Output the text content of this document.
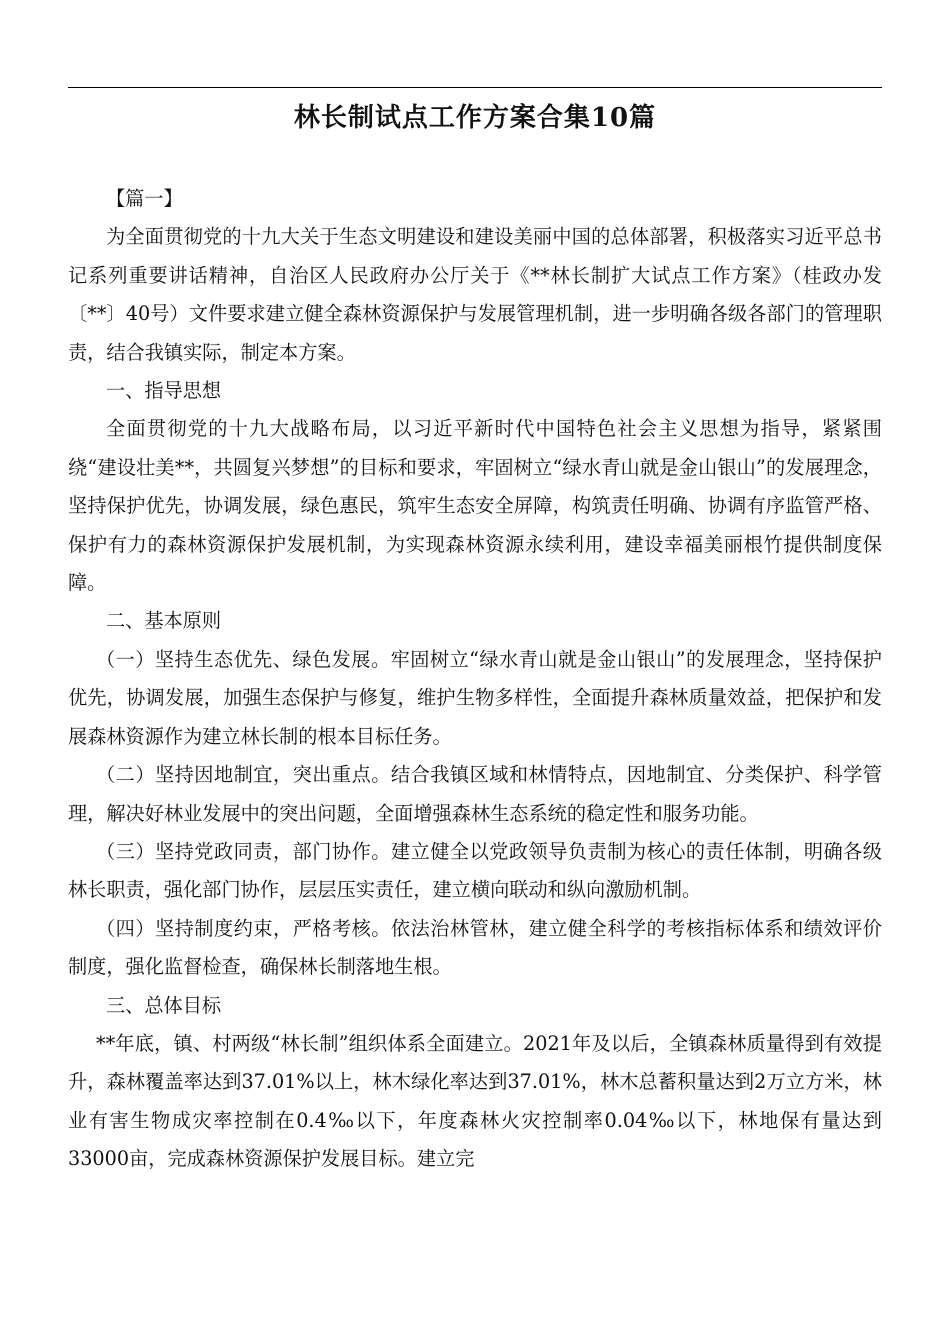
林长制试点工作方案合集10篇

【篇一】

为全面贯彻党的十九大关于生态文明建设和建设美丽中国的总体部署，积极落实习近平总书记系列重要讲话精神，自治区人民政府办公厅关于《**林长制扩大试点工作方案》（桂政办发〔**〕40号）文件要求建立健全森林资源保护与发展管理机制，进一步明确各级各部门的管理职责，结合我镇实际，制定本方案。

一、指导思想

全面贯彻党的十九大战略布局，以习近平新时代中国特色社会主义思想为指导，紧紧围绕“建设壮美**，共圆复兴梦想”的目标和要求，牢固树立“绿水青山就是金山银山”的发展理念，坚持保护优先，协调发展，绿色惠民，筑牢生态安全屏障，构筑责任明确、协调有序监管严格、保护有力的森林资源保护发展机制，为实现森林资源永续利用，建设幸福美丽根竹提供制度保障。

二、基本原则

（一）坚持生态优先、绿色发展。牢固树立“绿水青山就是金山银山”的发展理念，坚持保护优先，协调发展，加强生态保护与修复，维护生物多样性，全面提升森林质量效益，把保护和发展森林资源作为建立林长制的根本目标任务。

（二）坚持因地制宜，突出重点。结合我镇区域和林情特点，因地制宜、分类保护、科学管理，解决好林业发展中的突出问题，全面增强森林生态系统的稳定性和服务功能。

（三）坚持党政同责，部门协作。建立健全以党政领导负责制为核心的责任体制，明确各级林长职责，强化部门协作，层层压实责任，建立横向联动和纵向激励机制。

（四）坚持制度约束，严格考核。依法治林管林，建立健全科学的考核指标体系和绩效评价制度，强化监督检查，确保林长制落地生根。

三、总体目标

**年底，镇、村两级“林长制”组织体系全面建立。2021年及以后，全镇森林质量得到有效提升，森林覆盖率达到37.01%以上，林木绿化率达到37.01%，林木总蓄积量达到2万立方米，林业有害生物成灾率控制在0.4‰以下，年度森林火灾控制率0.04‰以下，林地保有量达到33000亩，完成森林资源保护发展目标。建立完
